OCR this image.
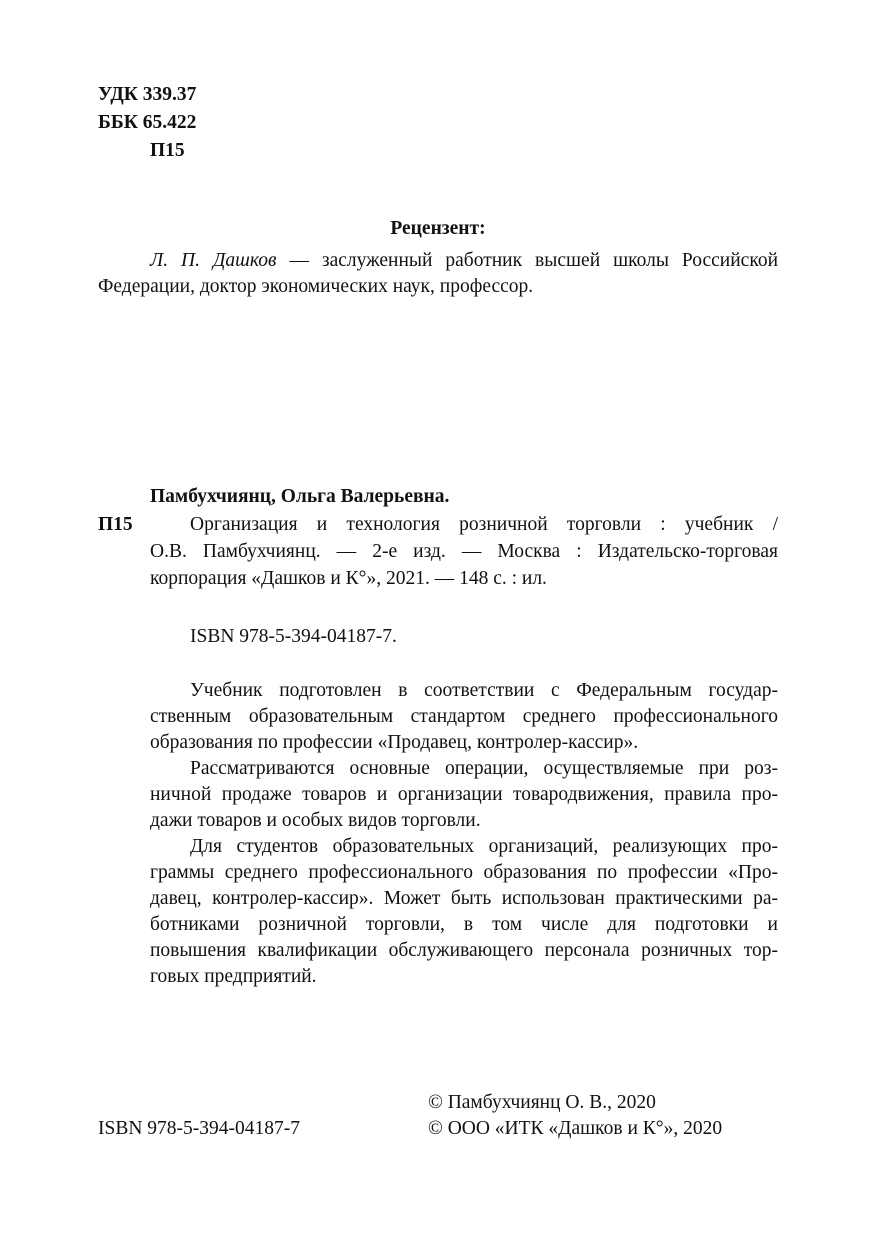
УДК 339.37
ББК 65.422
П15
Рецензент:
Л. П. Дашков — заслуженный работник высшей школы Российской
Федерации, доктор экономических наук, профессор.
Памбухчиянц, Ольга Валерьевна.
П15	Организация и технология розничной торговли : учебник /
О.В. Памбухчиянц. — 2-е изд. — Москва : Издательско-торговая
корпорация «Дашков и К°», 2021. — 148 с. : ил.
ISBN 978-5-394-04187-7.
Учебник подготовлен в соответствии с Федеральным государ-
ственным образовательным стандартом среднего профессионального
образования по профессии «Продавец, контролер-кассир».
Рассматриваются основные операции, осуществляемые при роз-
ничной продаже товаров и организации товародвижения, правила про-
дажи товаров и особых видов торговли.
Для студентов образовательных организаций, реализующих про-
граммы среднего профессионального образования по профессии «Про-
давец, контролер-кассир». Может быть использован практическими ра-
ботниками розничной торговли, в том числе для подготовки и
повышения квалификации обслуживающего персонала розничных тор-
говых предприятий.
© Памбухчиянц О. В., 2020
ISBN 978-5-394-04187-7	© ООО «ИТК «Дашков и К°», 2020
